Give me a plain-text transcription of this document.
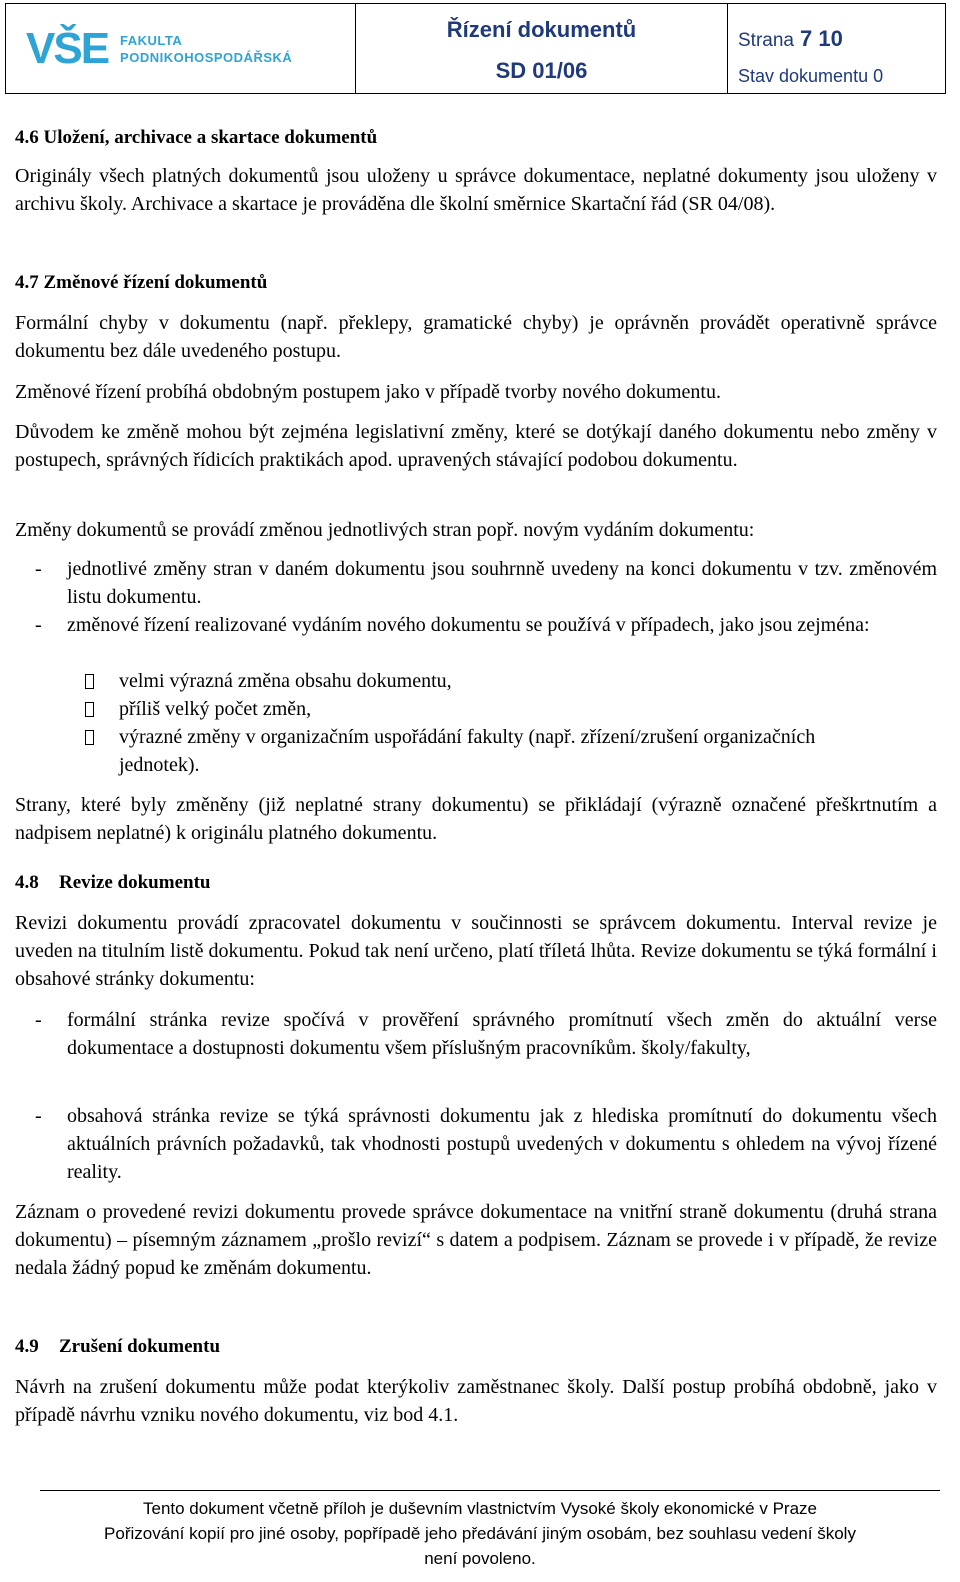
VŠE FAKULTA
PODNIKOHOSPODÁŘSKÁ
Řízení dokumentů
SD 01/06
Strana 7 10
Stav dokumentu 0
4.6 Uložení, archivace a skartace dokumentů

Originály všech platných dokumentů jsou uloženy u správce dokumentace, neplatné dokumenty jsou uloženy v archivu školy. Archivace a skartace je prováděna dle školní směrnice Skartační řád (SR 04/08).

4.7 Změnové řízení dokumentů

Formální chyby v dokumentu (např. překlepy, gramatické chyby) je oprávněn provádět operativně správce dokumentu bez dále uvedeného postupu.

Změnové řízení probíhá obdobným postupem jako v případě tvorby nového dokumentu.

Důvodem ke změně mohou být zejména legislativní změny, které se dotýkají daného dokumentu nebo změny v postupech, správných řídicích praktikách apod. upravených stávající podobou dokumentu.

Změny dokumentů se provádí změnou jednotlivých stran popř. novým vydáním dokumentu:

- jednotlivé změny stran v daném dokumentu jsou souhrnně uvedeny na konci dokumentu v tzv. změnovém listu dokumentu.
- změnové řízení realizované vydáním nového dokumentu se používá v případech, jako jsou zejména:
velmi výrazná změna obsahu dokumentu,
příliš velký počet změn,
výrazné změny v organizačním uspořádání fakulty (např. zřízení/zrušení organizačních jednotek).

Strany, které byly změněny (již neplatné strany dokumentu) se přikládají (výrazně označené přeškrtnutím a nadpisem neplatné) k originálu platného dokumentu.

4.8 Revize dokumentu

Revizi dokumentu provádí zpracovatel dokumentu v součinnosti se správcem dokumentu. Interval revize je uveden na titulním listě dokumentu. Pokud tak není určeno, platí tříletá lhůta. Revize dokumentu se týká formální i obsahové stránky dokumentu:

- formální stránka revize spočívá v prověření správného promítnutí všech změn do aktuální verse dokumentace a dostupnosti dokumentu všem příslušným pracovníkům. školy/fakulty,
- obsahová stránka revize se týká správnosti dokumentu jak z hlediska promítnutí do dokumentu všech aktuálních právních požadavků, tak vhodnosti postupů uvedených v dokumentu s ohledem na vývoj řízené reality.

Záznam o provedené revizi dokumentu provede správce dokumentace na vnitřní straně dokumentu (druhá strana dokumentu) – písemným záznamem „prošlo revizí“ s datem a podpisem. Záznam se provede i v případě, že revize nedala žádný popud ke změnám dokumentu.

4.9 Zrušení dokumentu

Návrh na zrušení dokumentu může podat kterýkoliv zaměstnanec školy. Další postup probíhá obdobně, jako v případě návrhu vzniku nového dokumentu, viz bod 4.1.

Tento dokument včetně příloh je duševním vlastnictvím Vysoké školy ekonomické v Praze
Pořizování kopií pro jiné osoby, popřípadě jeho předávání jiným osobám, bez souhlasu vedení školy
není povoleno.
